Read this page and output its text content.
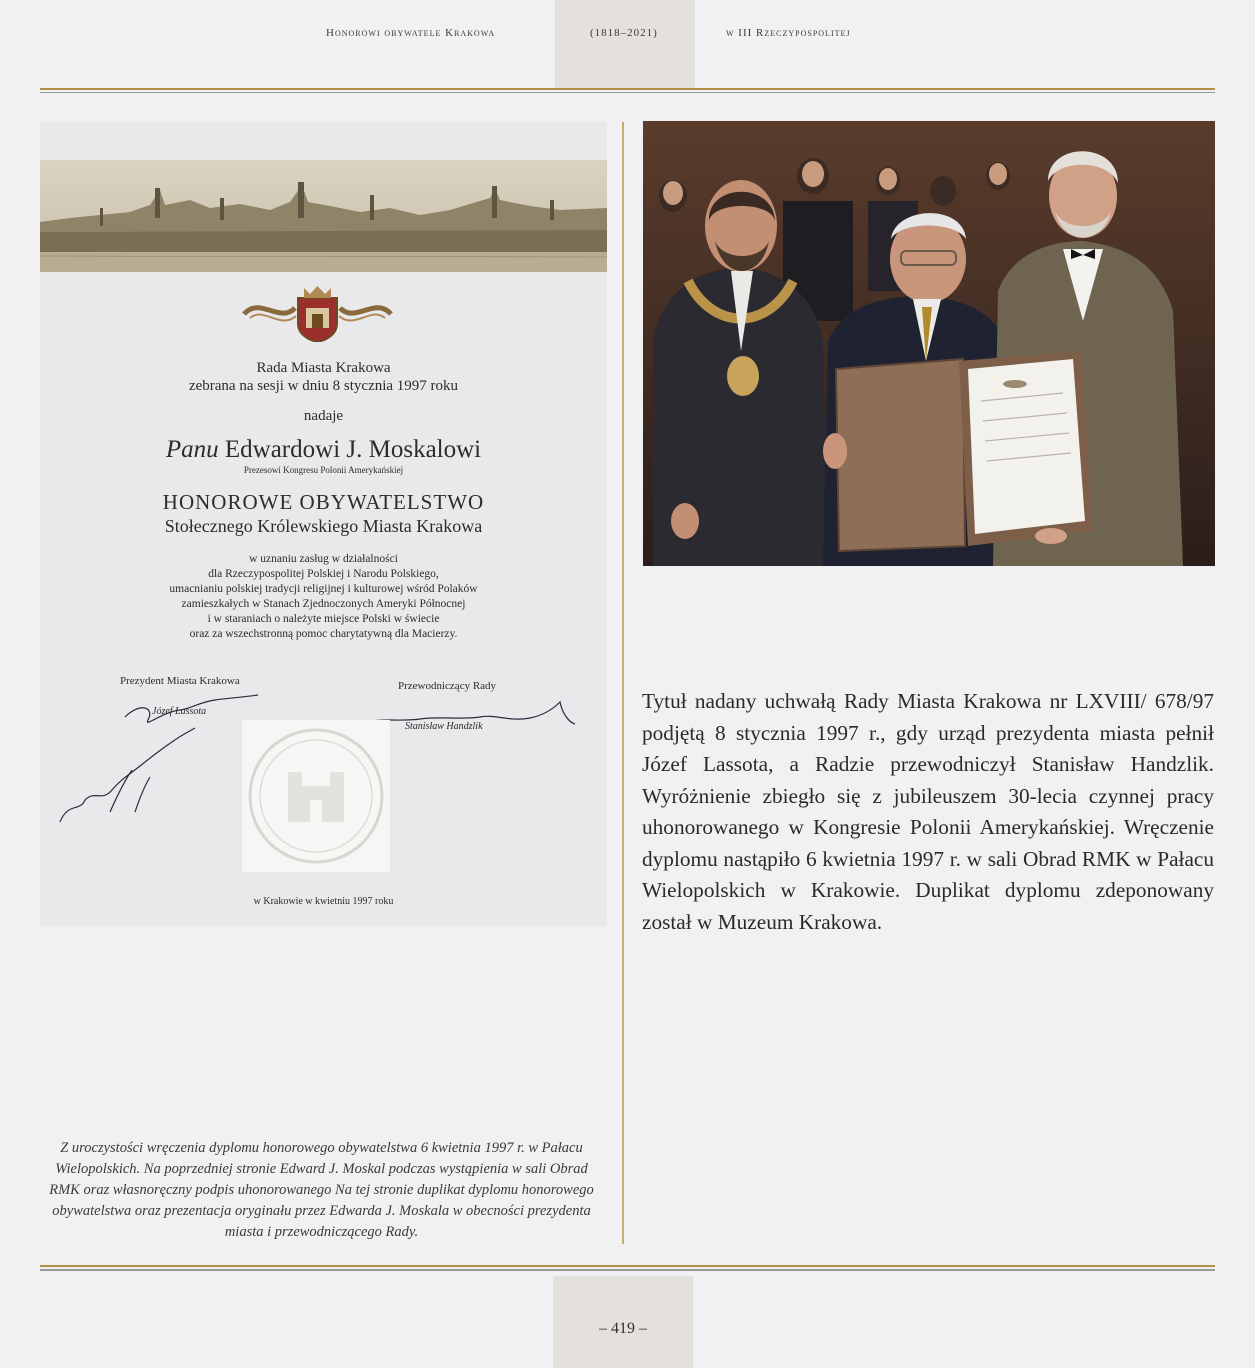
Honorowi obywatele Krakowa	(1818–2021)	w III Rzeczypospolitej
Rada Miasta Krakowa
zebrana na sesji w dniu 8 stycznia 1997 roku
nadaje
Panu Edwardowi J. Moskalowi
Prezesowi Kongresu Polonii Amerykańskiej
HONOROWE OBYWATELSTWO
Stołecznego Królewskiego Miasta Krakowa
w uznaniu zasług w działalności
dla Rzeczypospolitej Polskiej i Narodu Polskiego,
umacnianiu polskiej tradycji religijnej i kulturowej wśród Polaków
zamieszkałych w Stanach Zjednoczonych Ameryki Północnej
i w staraniach o należyte miejsce Polski w świecie
oraz za wszechstronną pomoc charytatywną dla Macierzy.
Prezydent Miasta Krakowa
Józef Lassota
Przewodniczący Rady
Stanisław Handzlik
w Krakowie w kwietniu 1997 roku

Tytuł nadany uchwałą Rady Miasta Krakowa nr LXVIII/ 678/97 podjętą 8 stycznia 1997 r., gdy urząd prezydenta miasta pełnił Józef Lassota, a Radzie przewodniczył Stanisław Handzlik. Wyróżnienie zbiegło się z jubileuszem 30-lecia czynnej pracy uhonorowanego w Kongresie Polonii Amerykańskiej. Wręczenie dyplomu nastąpiło 6 kwietnia 1997 r. w sali Obrad RMK w Pałacu Wielopolskich w Krakowie. Duplikat dyplomu zdeponowany został w Muzeum Krakowa.

Z uroczystości wręczenia dyplomu honorowego obywatelstwa 6 kwietnia 1997 r. w Pałacu Wielopolskich. Na poprzedniej stronie Edward J. Moskal podczas wystąpienia w sali Obrad RMK oraz własnoręczny podpis uhonorowanego Na tej stronie duplikat dyplomu honorowego obywatelstwa oraz prezentacja oryginału przez Edwarda J. Moskala w obecności prezydenta miasta i przewodniczącego Rady.

– 419 –
